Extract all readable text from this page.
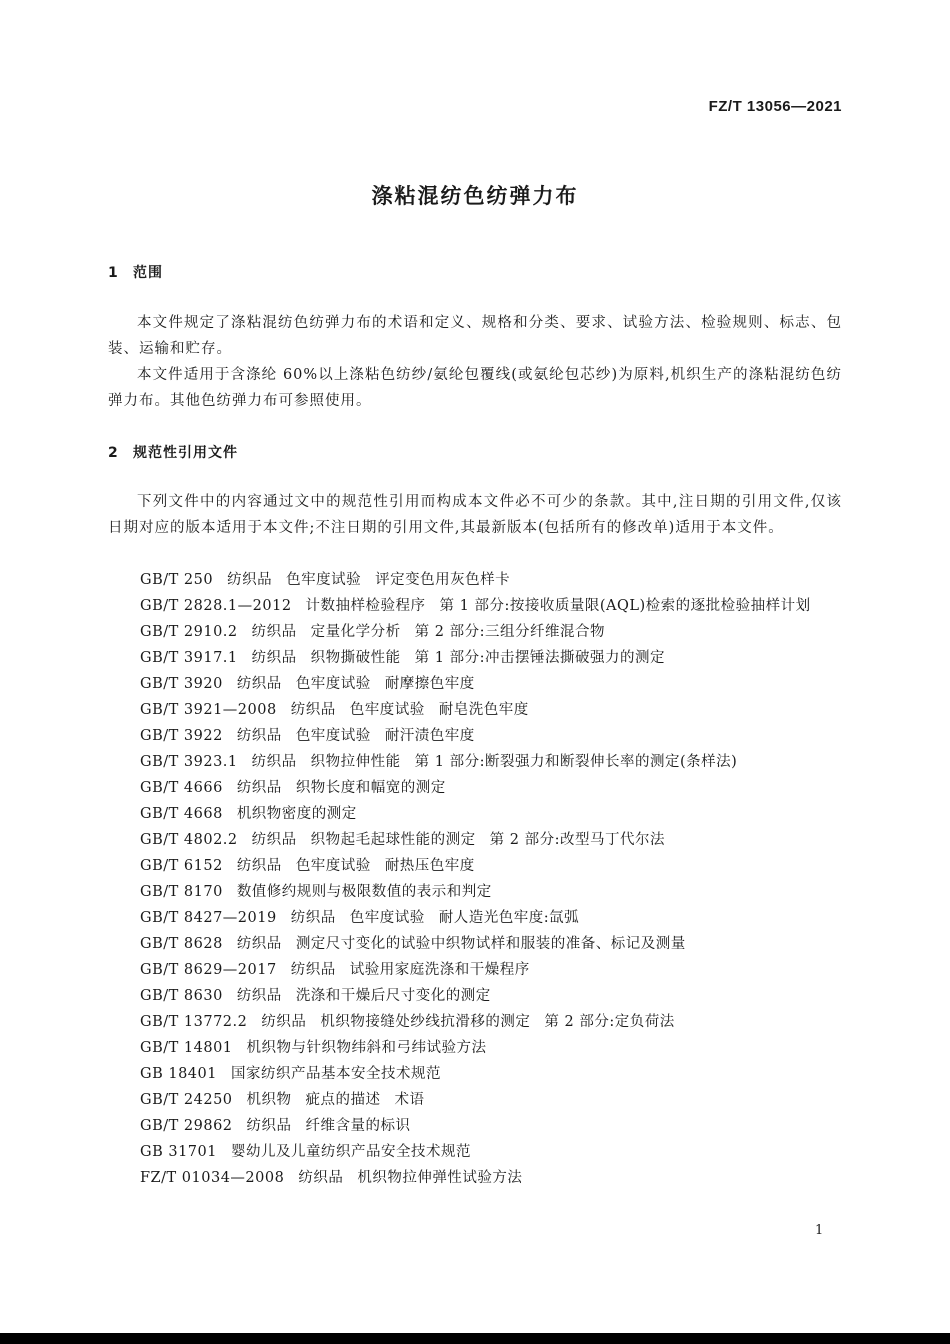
FZ/T 13056—2021
涤粘混纺色纺弹力布
1 范围
本文件规定了涤粘混纺色纺弹力布的术语和定义、规格和分类、要求、试验方法、检验规则、标志、包装、运输和贮存。
本文件适用于含涤纶 60%以上涤粘色纺纱/氨纶包覆线(或氨纶包芯纱)为原料,机织生产的涤粘混纺色纺弹力布。其他色纺弹力布可参照使用。
2 规范性引用文件
下列文件中的内容通过文中的规范性引用而构成本文件必不可少的条款。其中,注日期的引用文件,仅该日期对应的版本适用于本文件;不注日期的引用文件,其最新版本(包括所有的修改单)适用于本文件。
GB/T 250 纺织品 色牢度试验 评定变色用灰色样卡
GB/T 2828.1—2012 计数抽样检验程序 第 1 部分:按接收质量限(AQL)检索的逐批检验抽样计划
GB/T 2910.2 纺织品 定量化学分析 第 2 部分:三组分纤维混合物
GB/T 3917.1 纺织品 织物撕破性能 第 1 部分:冲击摆锤法撕破强力的测定
GB/T 3920 纺织品 色牢度试验 耐摩擦色牢度
GB/T 3921—2008 纺织品 色牢度试验 耐皂洗色牢度
GB/T 3922 纺织品 色牢度试验 耐汗渍色牢度
GB/T 3923.1 纺织品 织物拉伸性能 第 1 部分:断裂强力和断裂伸长率的测定(条样法)
GB/T 4666 纺织品 织物长度和幅宽的测定
GB/T 4668 机织物密度的测定
GB/T 4802.2 纺织品 织物起毛起球性能的测定 第 2 部分:改型马丁代尔法
GB/T 6152 纺织品 色牢度试验 耐热压色牢度
GB/T 8170 数值修约规则与极限数值的表示和判定
GB/T 8427—2019 纺织品 色牢度试验 耐人造光色牢度:氙弧
GB/T 8628 纺织品 测定尺寸变化的试验中织物试样和服装的准备、标记及测量
GB/T 8629—2017 纺织品 试验用家庭洗涤和干燥程序
GB/T 8630 纺织品 洗涤和干燥后尺寸变化的测定
GB/T 13772.2 纺织品 机织物接缝处纱线抗滑移的测定 第 2 部分:定负荷法
GB/T 14801 机织物与针织物纬斜和弓纬试验方法
GB 18401 国家纺织产品基本安全技术规范
GB/T 24250 机织物 疵点的描述 术语
GB/T 29862 纺织品 纤维含量的标识
GB 31701 婴幼儿及儿童纺织产品安全技术规范
FZ/T 01034—2008 纺织品 机织物拉伸弹性试验方法
1
